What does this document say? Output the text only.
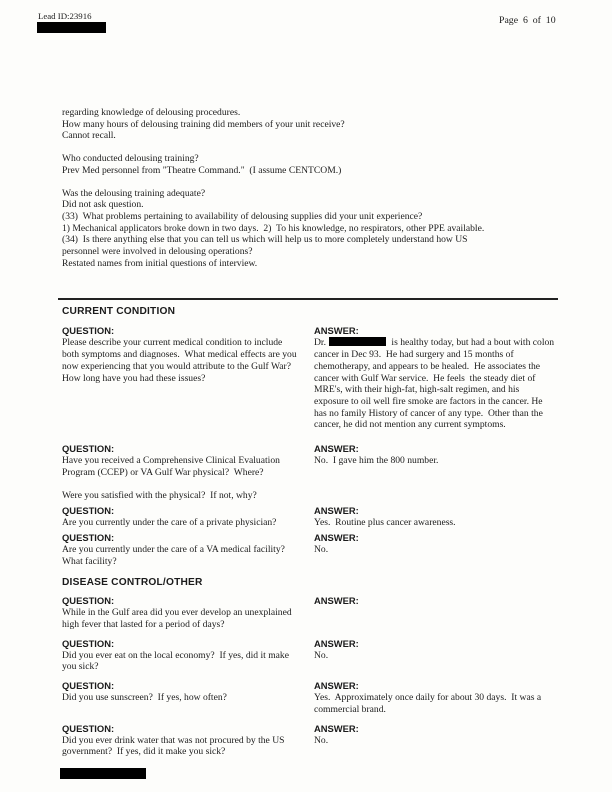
Lead ID:23916	Page  6  of  10
regarding knowledge of delousing procedures.
How many hours of delousing training did members of your unit receive?
Cannot recall.
Who conducted delousing training?
Prev Med personnel from "Theatre Command."  (I assume CENTCOM.)
Was the delousing training adequate?
Did not ask question.
(33)  What problems pertaining to availability of delousing supplies did your unit experience?
1) Mechanical applicators broke down in two days.  2)  To his knowledge, no respirators, other PPE available.
(34)  Is there anything else that you can tell us which will help us to more completely understand how US
personnel were involved in delousing operations?
Restated names from initial questions of interview.
CURRENT CONDITION
QUESTION:
Please describe your current medical condition to include both symptoms and diagnoses.  What medical effects are you now experiencing that you would attribute to the Gulf War?  How long have you had these issues?
ANSWER:
Dr.	is healthy today, but had a bout with colon cancer in Dec 93.  He had surgery and 15 months of chemotherapy, and appears to be healed.  He associates the cancer with Gulf War service.  He feels  the steady diet of MRE's, with their high-fat, high-salt regimen, and his exposure to oil well fire smoke are factors in the cancer. He has no family History of cancer of any type.  Other than the cancer, he did not mention any current symptoms.
QUESTION:
Have you received a Comprehensive Clinical Evaluation Program (CCEP) or VA Gulf War physical?  Where?
ANSWER:
No.  I gave him the 800 number.
Were you satisfied with the physical?  If not, why?
QUESTION:
Are you currently under the care of a private physician?
ANSWER:
Yes.  Routine plus cancer awareness.
QUESTION:
Are you currently under the care of a VA medical facility?  What facility?
ANSWER:
No.
DISEASE CONTROL/OTHER
QUESTION:
While in the Gulf area did you ever develop an unexplained high fever that lasted for a period of days?
ANSWER:
QUESTION:
Did you ever eat on the local economy?  If yes, did it make you sick?
ANSWER:
No.
QUESTION:
Did you use sunscreen?  If yes, how often?
ANSWER:
Yes.  Approximately once daily for about 30 days.  It was a commercial brand.
QUESTION:
Did you ever drink water that was not procured by the US government?  If yes, did it make you sick?
ANSWER:
No.
